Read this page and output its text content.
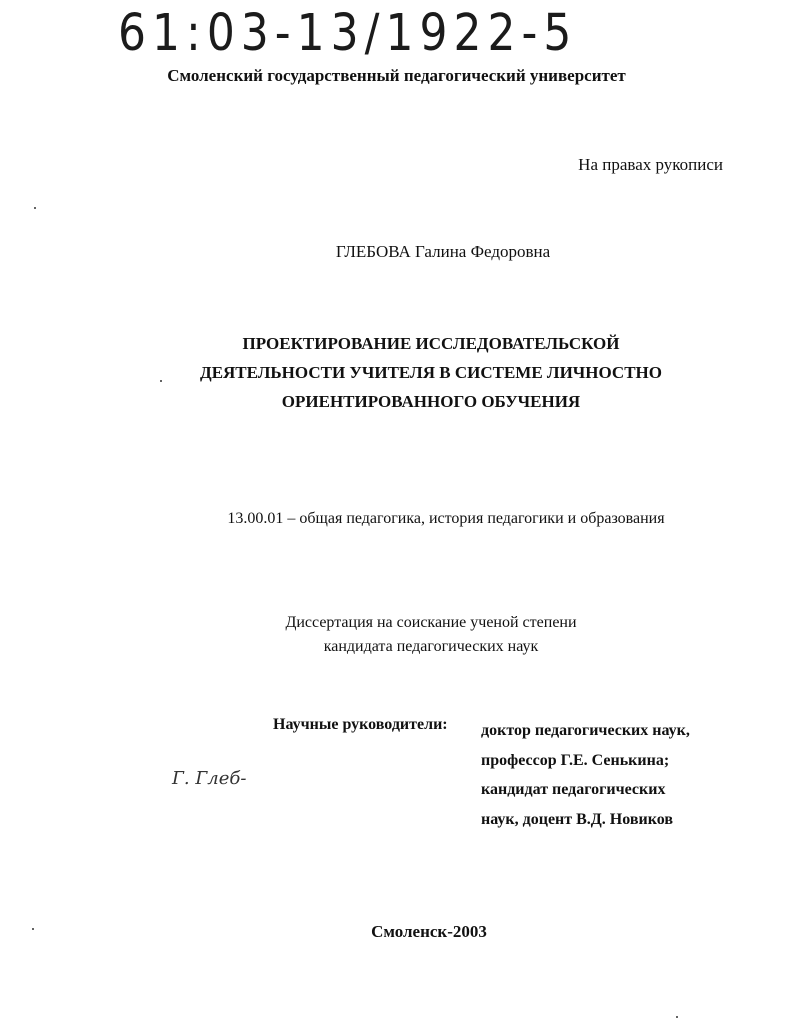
61:03-13/1922-5
Смоленский государственный педагогический университет
На правах рукописи
ГЛЕБОВА Галина Федоровна
ПРОЕКТИРОВАНИЕ ИССЛЕДОВАТЕЛЬСКОЙ
ДЕЯТЕЛЬНОСТИ УЧИТЕЛЯ В СИСТЕМЕ ЛИЧНОСТНО
ОРИЕНТИРОВАННОГО ОБУЧЕНИЯ
13.00.01 – общая педагогика, история педагогики и образования
Диссертация на соискание ученой степени
кандидата педагогических наук
Научные руководители: доктор педагогических наук,
профессор Г.Е. Сенькина;
кандидат педагогических
наук, доцент В.Д. Новиков
Г. Глеб-
Смоленск-2003
